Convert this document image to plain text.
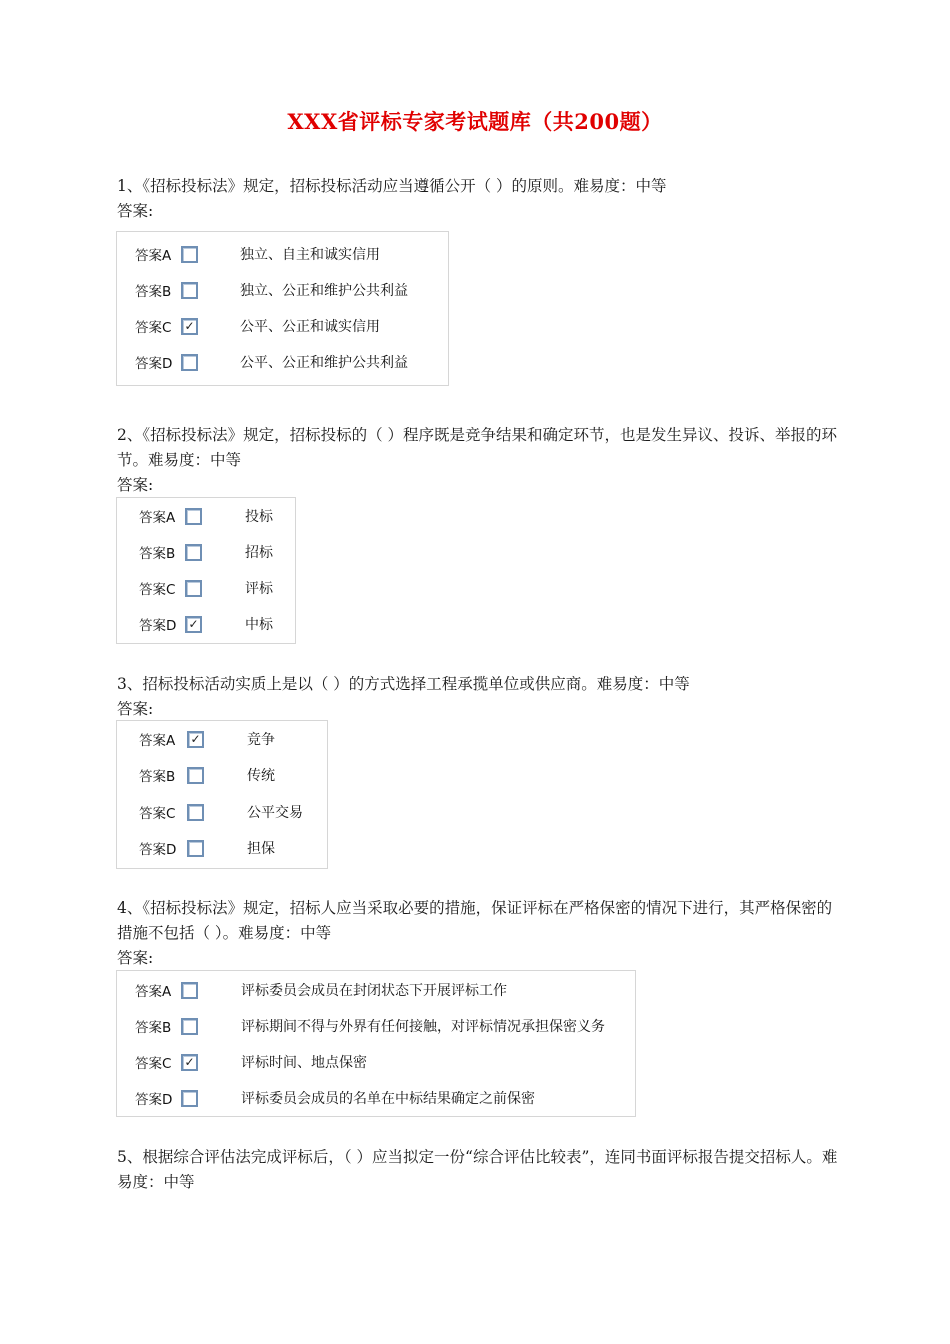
XXX省评标专家考试题库（共200题）
1、《招标投标法》规定，招标投标活动应当遵循公开（ ）的原则。难易度：中等
答案:
答案A	独立、自主和诚实信用
答案B	独立、公正和维护公共利益
答案C ✓	公平、公正和诚实信用
答案D	公平、公正和维护公共利益
2、《招标投标法》规定，招标投标的（ ）程序既是竞争结果和确定环节，也是发生异议、投诉、举报的环节。难易度：中等
答案:
答案A	投标
答案B	招标
答案C	评标
答案D ✓	中标
3、招标投标活动实质上是以（ ）的方式选择工程承揽单位或供应商。难易度：中等
答案:
答案A ✓	竞争
答案B	传统
答案C	公平交易
答案D	担保
4、《招标投标法》规定，招标人应当采取必要的措施，保证评标在严格保密的情况下进行，其严格保密的措施不包括（ ）。难易度：中等
答案:
答案A	评标委员会成员在封闭状态下开展评标工作
答案B	评标期间不得与外界有任何接触，对评标情况承担保密义务
答案C ✓	评标时间、地点保密
答案D	评标委员会成员的名单在中标结果确定之前保密
5、根据综合评估法完成评标后，（ ）应当拟定一份“综合评估比较表”，连同书面评标报告提交招标人。难易度：中等
